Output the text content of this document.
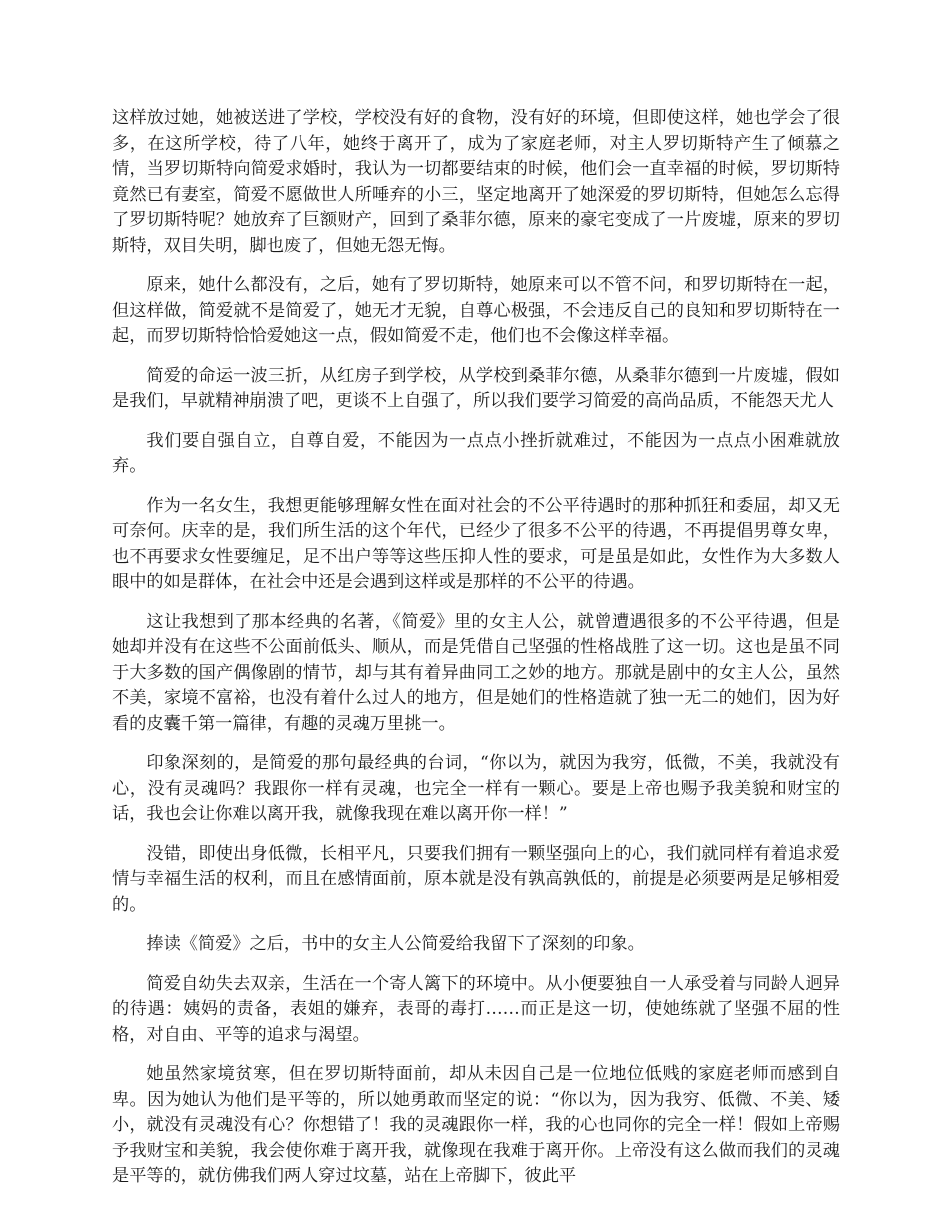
这样放过她，她被送进了学校，学校没有好的食物，没有好的环境，但即使这样，她也学会了很多，在这所学校，待了八年，她终于离开了，成为了家庭老师，对主人罗切斯特产生了倾慕之情，当罗切斯特向简爱求婚时，我认为一切都要结束的时候，他们会一直幸福的时候，罗切斯特竟然已有妻室，简爱不愿做世人所唾弃的小三，坚定地离开了她深爱的罗切斯特，但她怎么忘得了罗切斯特呢？她放弃了巨额财产，回到了桑菲尔德，原来的豪宅变成了一片废墟，原来的罗切斯特，双目失明，脚也废了，但她无怨无悔。

原来，她什么都没有，之后，她有了罗切斯特，她原来可以不管不问，和罗切斯特在一起，但这样做，简爱就不是简爱了，她无才无貌，自尊心极强，不会违反自己的良知和罗切斯特在一起，而罗切斯特恰恰爱她这一点，假如简爱不走，他们也不会像这样幸福。

简爱的命运一波三折，从红房子到学校，从学校到桑菲尔德，从桑菲尔德到一片废墟，假如是我们，早就精神崩溃了吧，更谈不上自强了，所以我们要学习简爱的高尚品质，不能怨天尤人

我们要自强自立，自尊自爱，不能因为一点点小挫折就难过，不能因为一点点小困难就放弃。

作为一名女生，我想更能够理解女性在面对社会的不公平待遇时的那种抓狂和委屈，却又无可奈何。庆幸的是，我们所生活的这个年代，已经少了很多不公平的待遇，不再提倡男尊女卑，也不再要求女性要缠足，足不出户等等这些压抑人性的要求，可是虽是如此，女性作为大多数人眼中的如是群体，在社会中还是会遇到这样或是那样的不公平的待遇。

这让我想到了那本经典的名著，《简爱》里的女主人公，就曾遭遇很多的不公平待遇，但是她却并没有在这些不公面前低头、顺从，而是凭借自己坚强的性格战胜了这一切。这也是虽不同于大多数的国产偶像剧的情节，却与其有着异曲同工之妙的地方。那就是剧中的女主人公，虽然不美，家境不富裕，也没有着什么过人的地方，但是她们的性格造就了独一无二的她们，因为好看的皮囊千第一篇律，有趣的灵魂万里挑一。

印象深刻的，是简爱的那句最经典的台词，“你以为，就因为我穷，低微，不美，我就没有心，没有灵魂吗？我跟你一样有灵魂，也完全一样有一颗心。要是上帝也赐予我美貌和财宝的话，我也会让你难以离开我，就像我现在难以离开你一样！”

没错，即使出身低微，长相平凡，只要我们拥有一颗坚强向上的心，我们就同样有着追求爱情与幸福生活的权利，而且在感情面前，原本就是没有孰高孰低的，前提是必须要两是足够相爱的。

捧读《简爱》之后，书中的女主人公简爱给我留下了深刻的印象。

简爱自幼失去双亲，生活在一个寄人篱下的环境中。从小便要独自一人承受着与同龄人迥异的待遇：姨妈的责备，表姐的嫌弃，表哥的毒打……而正是这一切，使她练就了坚强不屈的性格，对自由、平等的追求与渴望。

她虽然家境贫寒，但在罗切斯特面前，却从未因自己是一位地位低贱的家庭老师而感到自卑。因为她认为他们是平等的，所以她勇敢而坚定的说：“你以为，因为我穷、低微、不美、矮小，就没有灵魂没有心？你想错了！我的灵魂跟你一样，我的心也同你的完全一样！假如上帝赐予我财宝和美貌，我会使你难于离开我，就像现在我难于离开你。上帝没有这么做而我们的灵魂是平等的，就仿佛我们两人穿过坟墓，站在上帝脚下，彼此平
